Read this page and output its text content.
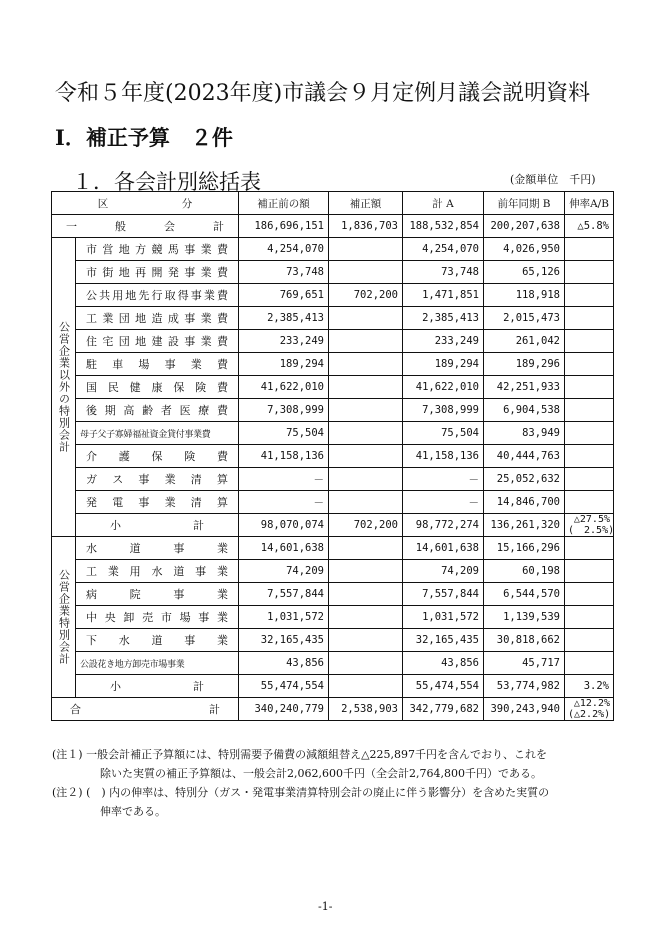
令和５年度(2023年度)市議会９月定例月議会説明資料
Ⅰ．補正予算　２件
１．各会計別総括表	(金額単位　千円)
区　　　　　　　分		補正前の額	補正額	計 A	前年同期 B	伸率A/B
一　　般　　会　　計		186,696,151	1,836,703	188,532,854	200,207,638	△5.8%

公営企業以外の特別会計	市営地方競馬事業費	4,254,070		4,254,070	4,026,950	
	市街地再開発事業費	73,748		73,748	65,126	
	公共用地先行取得事業費	769,651	702,200	1,471,851	118,918	
	工業団地造成事業費	2,385,413		2,385,413	2,015,473	
	住宅団地建設事業費	233,249		233,249	261,042	
	駐車場事業費	189,294		189,294	189,296	
	国民健康保険費	41,622,010		41,622,010	42,251,933	
	後期高齢者医療費	7,308,999		7,308,999	6,904,538	
	母子父子寡婦福祉資金貸付事業費	75,504		75,504	83,949	
	介護保険費	41,158,136		41,158,136	40,444,763	
	ガス事業清算	－		－	25,052,632	
	発電事業清算	－		－	14,846,700	
	小　　　　計	98,070,074	702,200	98,772,274	136,261,320	△27.5%
(　2.5%)

公営企業特別会計	水道事業	14,601,638		14,601,638	15,166,296	
	工業用水道事業	74,209		74,209	60,198	
	病院事業	7,557,844		7,557,844	6,544,570	
	中央卸売市場事業	1,031,572		1,031,572	1,139,539	
	下水道事業	32,165,435		32,165,435	30,818,662	
	公設花き地方卸売市場事業	43,856		43,856	45,717	
	小　　　　計	55,474,554		55,474,554	53,774,982	3.2%
合　　　　　　　計		340,240,779	2,538,903	342,779,682	390,243,940	△12.2%
(△2.2%)
(注１) 一般会計補正予算額には、特別需要予備費の減額組替え△225,897千円を含んでおり、これを
除いた実質の補正予算額は、一般会計2,062,600千円（全会計2,764,800千円）である。
(注２) (　) 内の伸率は、特別分（ガス・発電事業清算特別会計の廃止に伴う影響分）を含めた実質の
伸率である。
-1-
